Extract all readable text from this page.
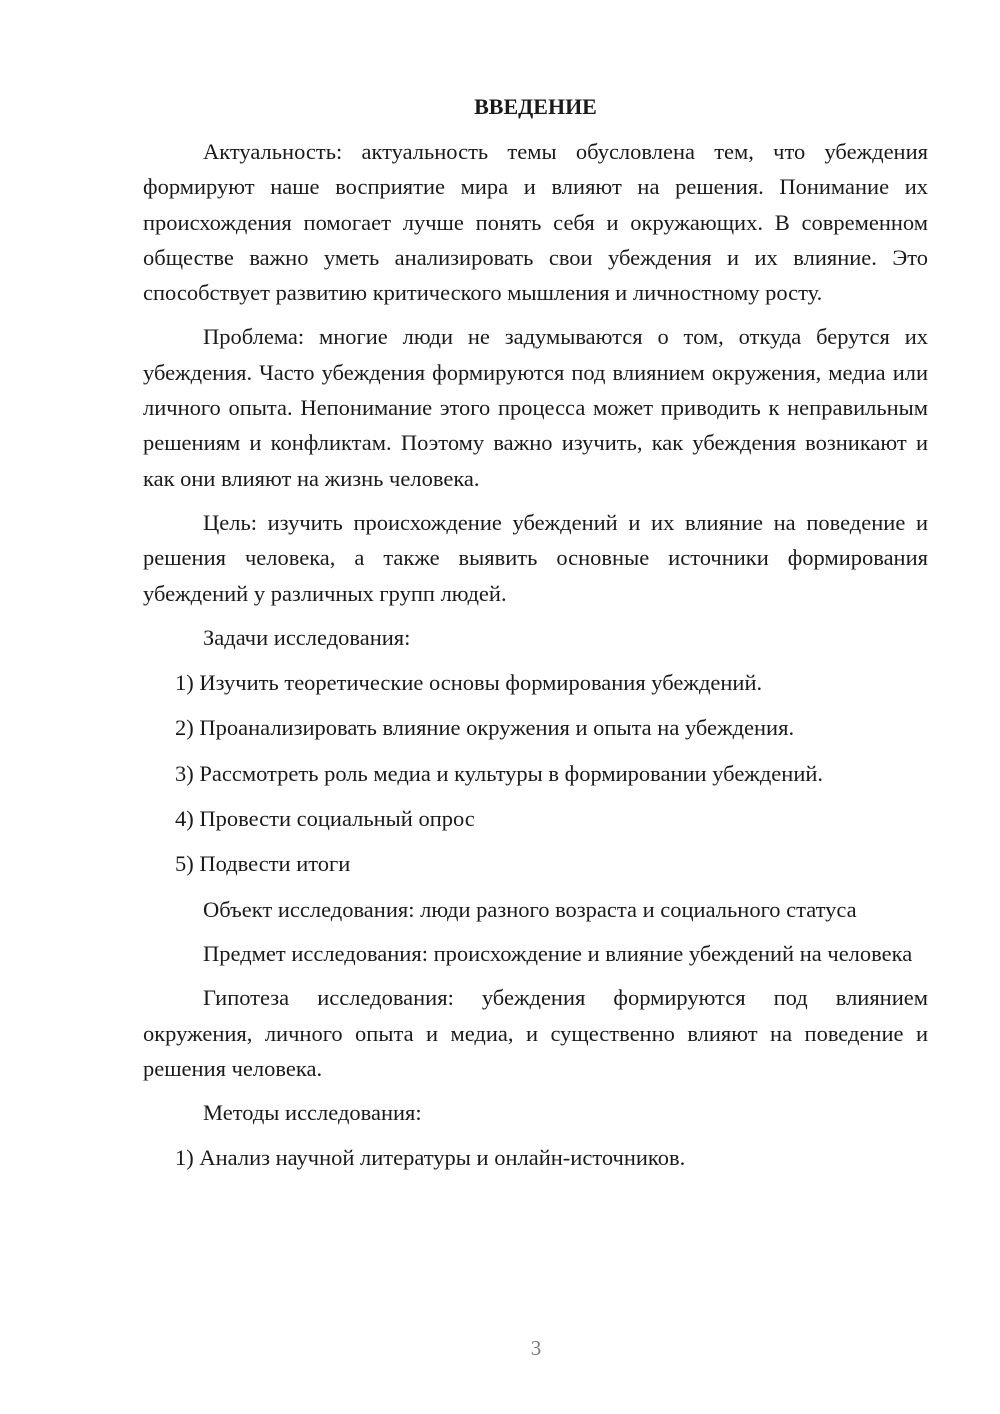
ВВЕДЕНИЕ

Актуальность: актуальность темы обусловлена тем, что убеждения формируют наше восприятие мира и влияют на решения. Понимание их происхождения помогает лучше понять себя и окружающих. В современном обществе важно уметь анализировать свои убеждения и их влияние. Это способствует развитию критического мышления и личностному росту.

Проблема: многие люди не задумываются о том, откуда берутся их убеждения. Часто убеждения формируются под влиянием окружения, медиа или личного опыта. Непонимание этого процесса может приводить к неправильным решениям и конфликтам. Поэтому важно изучить, как убеждения возникают и как они влияют на жизнь человека.

Цель: изучить происхождение убеждений и их влияние на поведение и решения человека, а также выявить основные источники формирования убеждений у различных групп людей.

Задачи исследования:

1) Изучить теоретические основы формирования убеждений.

2) Проанализировать влияние окружения и опыта на убеждения.

3) Рассмотреть роль медиа и культуры в формировании убеждений.

4) Провести социальный опрос

5) Подвести итоги

Объект исследования: люди разного возраста и социального статуса

Предмет исследования: происхождение и влияние убеждений на человека

Гипотеза исследования: убеждения формируются под влиянием окружения, личного опыта и медиа, и существенно влияют на поведение и решения человека.

Методы исследования:

1) Анализ научной литературы и онлайн-источников.

3
